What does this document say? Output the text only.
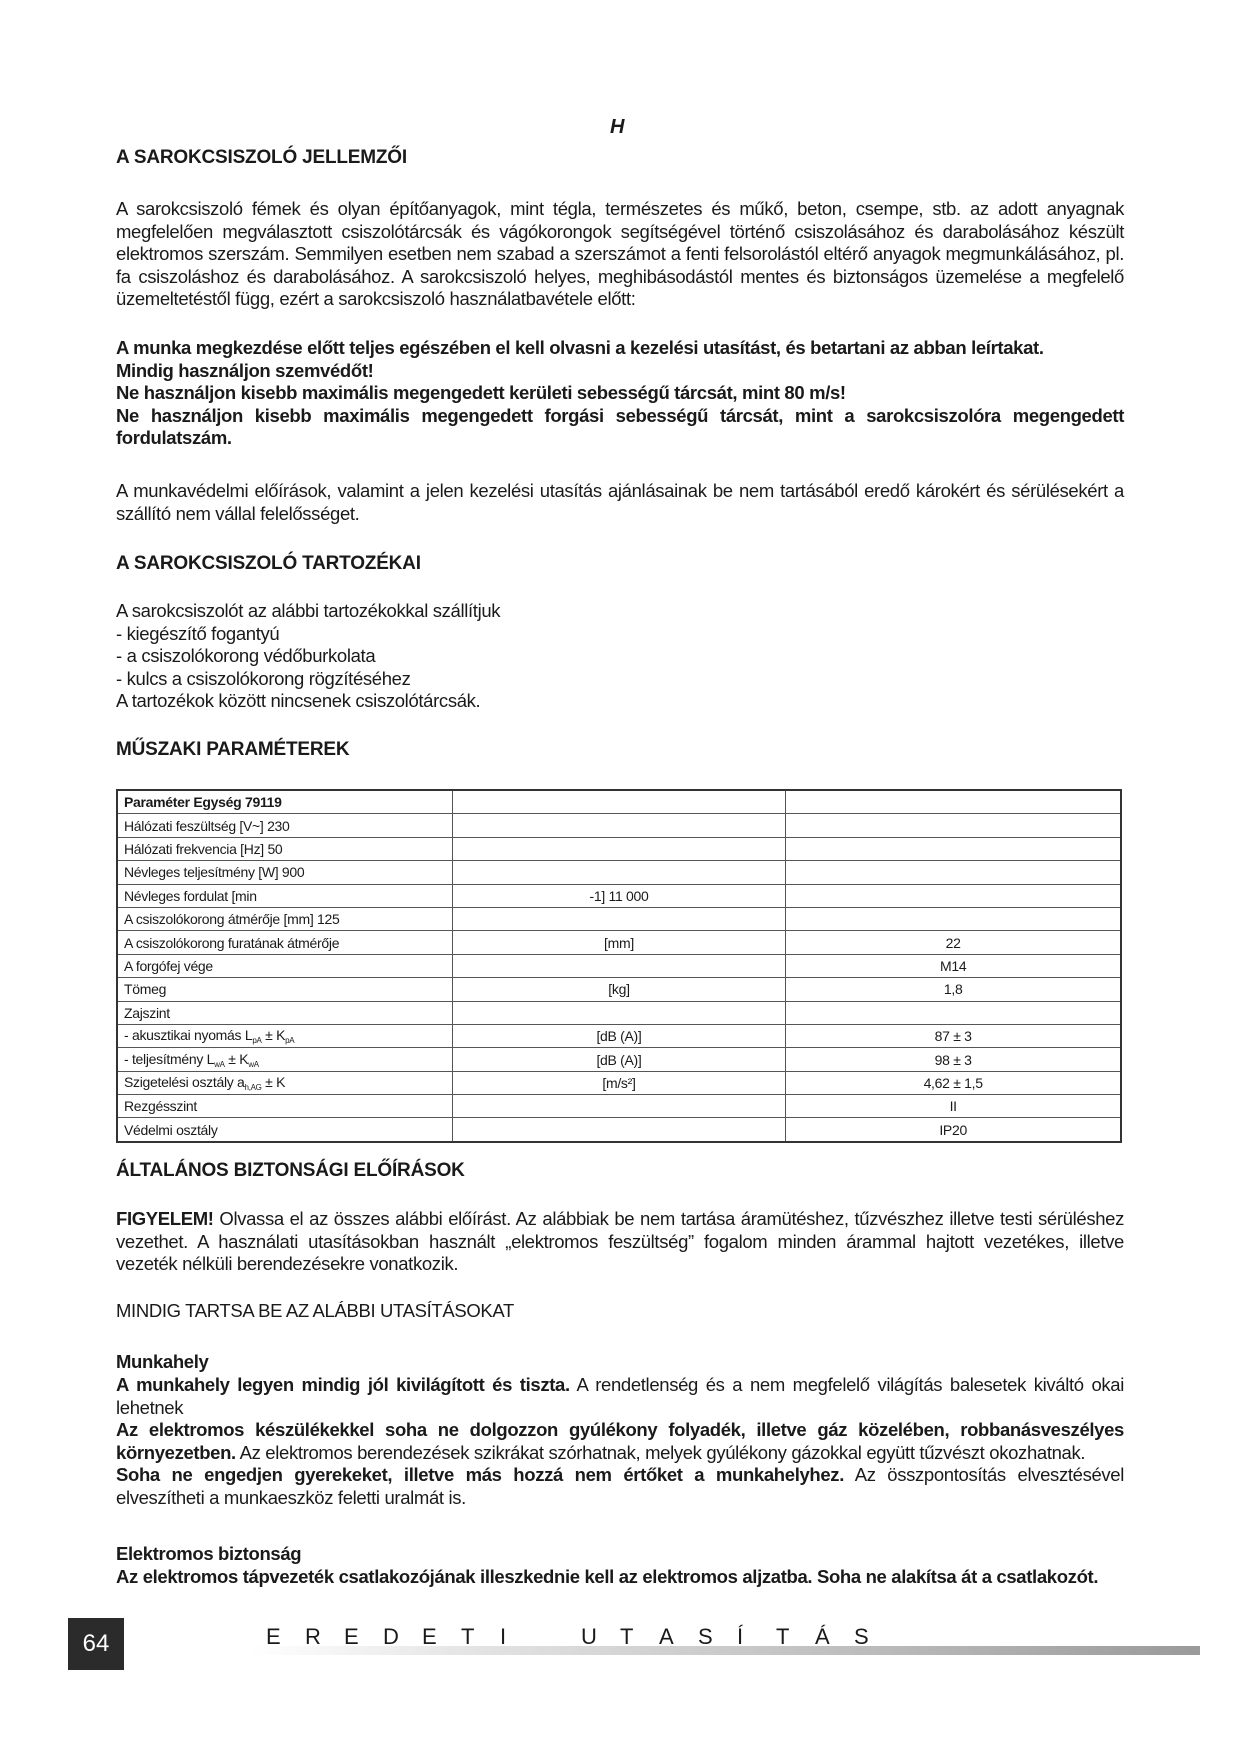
H
A SAROKCSISZOLÓ JELLEMZŐI

A sarokcsiszoló fémek és olyan építőanyagok, mint tégla, természetes és műkő, beton, csempe, stb. az adott anyagnak megfelelően megválasztott csiszolótárcsák és vágókorongok segítségével történő csiszolásához és darabolásához készült elektromos szerszám. Semmilyen esetben nem szabad a szerszámot a fenti felsorolástól eltérő anyagok megmunkálásához, pl. fa csiszoláshoz és darabolásához. A sarokcsiszoló helyes, meghibásodástól mentes és biztonságos üzemelése a megfelelő üzemeltetéstől függ, ezért a sarokcsiszoló használatbavétele előtt:

A munka megkezdése előtt teljes egészében el kell olvasni a kezelési utasítást, és betartani az abban leírtakat.
Mindig használjon szemvédőt!
Ne használjon kisebb maximális megengedett kerületi sebességű tárcsát, mint 80 m/s!
Ne használjon kisebb maximális megengedett forgási sebességű tárcsát, mint a sarokcsiszolóra megengedett fordulatszám.

A munkavédelmi előírások, valamint a jelen kezelési utasítás ajánlásainak be nem tartásából eredő károkért és sérülésekért a szállító nem vállal felelősséget.

A SAROKCSISZOLÓ TARTOZÉKAI
A sarokcsiszolót az alábbi tartozékokkal szállítjuk
- kiegészítő fogantyú
- a csiszolókorong védőburkolata
- kulcs a csiszolókorong rögzítéséhez
A tartozékok között nincsenek csiszolótárcsák.
MŰSZAKI PARAMÉTEREK
Paraméter Egység 79119		
Hálózati feszültség [V~] 230		
Hálózati frekvencia [Hz] 50		
Névleges teljesítmény [W] 900		
Névleges fordulat [min	-1] 11 000	
A csiszolókorong átmérője [mm] 125		
A csiszolókorong furatának átmérője	[mm]	22
A forgófej vége		M14
Tömeg	[kg]	1,8
Zajszint		
- akusztikai nyomás $L_{pA} \pm K_{pA}$	[dB (A)]	87 ± 3
- teljesítmény $L_{wA} \pm K_{wA}$	[dB (A)]	98 ± 3
Szigetelési osztály $a_{h,AG} \pm K$	[m/s²]	4,62 ± 1,5
Rezgésszint		II
Védelmi osztály		IP20
ÁLTALÁNOS BIZTONSÁGI ELŐÍRÁSOK

FIGYELEM! Olvassa el az összes alábbi előírást. Az alábbiak be nem tartása áramütéshez, tűzvészhez illetve testi sérüléshez vezethet. A használati utasításokban használt „elektromos feszültség” fogalom minden árammal hajtott vezetékes, illetve vezeték nélküli berendezésekre vonatkozik.

MINDIG TARTSA BE AZ ALÁBBI UTASÍTÁSOKAT
Munkahely

A munkahely legyen mindig jól kivilágított és tiszta. A rendetlenség és a nem megfelelő világítás balesetek kiváltó okai lehetnek

Az elektromos készülékekkel soha ne dolgozzon gyúlékony folyadék, illetve gáz közelében, robbanásveszélyes környezetben. Az elektromos berendezések szikrákat szórhatnak, melyek gyúlékony gázokkal együtt tűzvészt okozhatnak.

Soha ne engedjen gyerekeket, illetve más hozzá nem értőket a munkahelyhez. Az összpontosítás elvesztésével elveszítheti a munkaeszköz feletti uralmát is.

Elektromos biztonság

Az elektromos tápvezeték csatlakozójának illeszkednie kell az elektromos aljzatba. Soha ne alakítsa át a csatlakozót.

64	E R E D E T I	U T A S Í T Á S
